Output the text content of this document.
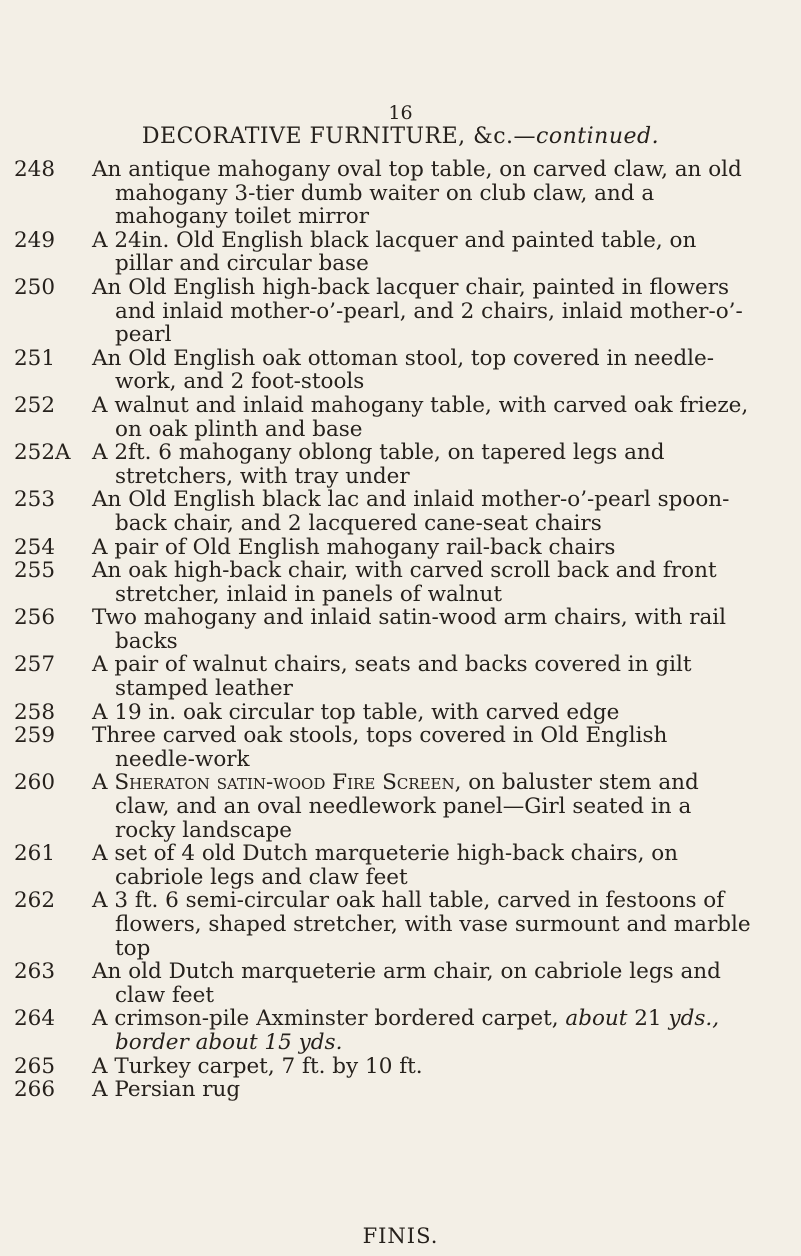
16
DECORATIVE FURNITURE, &c.—continued.
248	An antique mahogany oval top table, on carved claw, an old mahogany 3-tier dumb waiter on club claw, and a mahogany toilet mirror
249	A 24in. Old English black lacquer and painted table, on pillar and circular base
250	An Old English high-back lacquer chair, painted in flowers and inlaid mother-o’-pearl, and 2 chairs, inlaid mother-o’-pearl
251	An Old English oak ottoman stool, top covered in needle-work, and 2 foot-stools
252	A walnut and inlaid mahogany table, with carved oak frieze, on oak plinth and base
252A A 2ft. 6 mahogany oblong table, on tapered legs and stretchers, with tray under
253	An Old English black lac and inlaid mother-o’-pearl spoon-back chair, and 2 lacquered cane-seat chairs
254	A pair of Old English mahogany rail-back chairs
255	An oak high-back chair, with carved scroll back and front stretcher, inlaid in panels of walnut
256	Two mahogany and inlaid satin-wood arm chairs, with rail backs
257	A pair of walnut chairs, seats and backs covered in gilt stamped leather
258	A 19 in. oak circular top table, with carved edge
259	Three carved oak stools, tops covered in Old English needle-work
260	A Sheraton satin-wood Fire Screen, on baluster stem and claw, and an oval needlework panel—Girl seated in a rocky landscape
261	A set of 4 old Dutch marqueterie high-back chairs, on cabriole legs and claw feet
262	A 3 ft. 6 semi-circular oak hall table, carved in festoons of flowers, shaped stretcher, with vase surmount and marble top
263	An old Dutch marqueterie arm chair, on cabriole legs and claw feet
264	A crimson-pile Axminster bordered carpet, about 21 yds., border about 15 yds.
265	A Turkey carpet, 7 ft. by 10 ft.
266	A Persian rug
FINIS.
